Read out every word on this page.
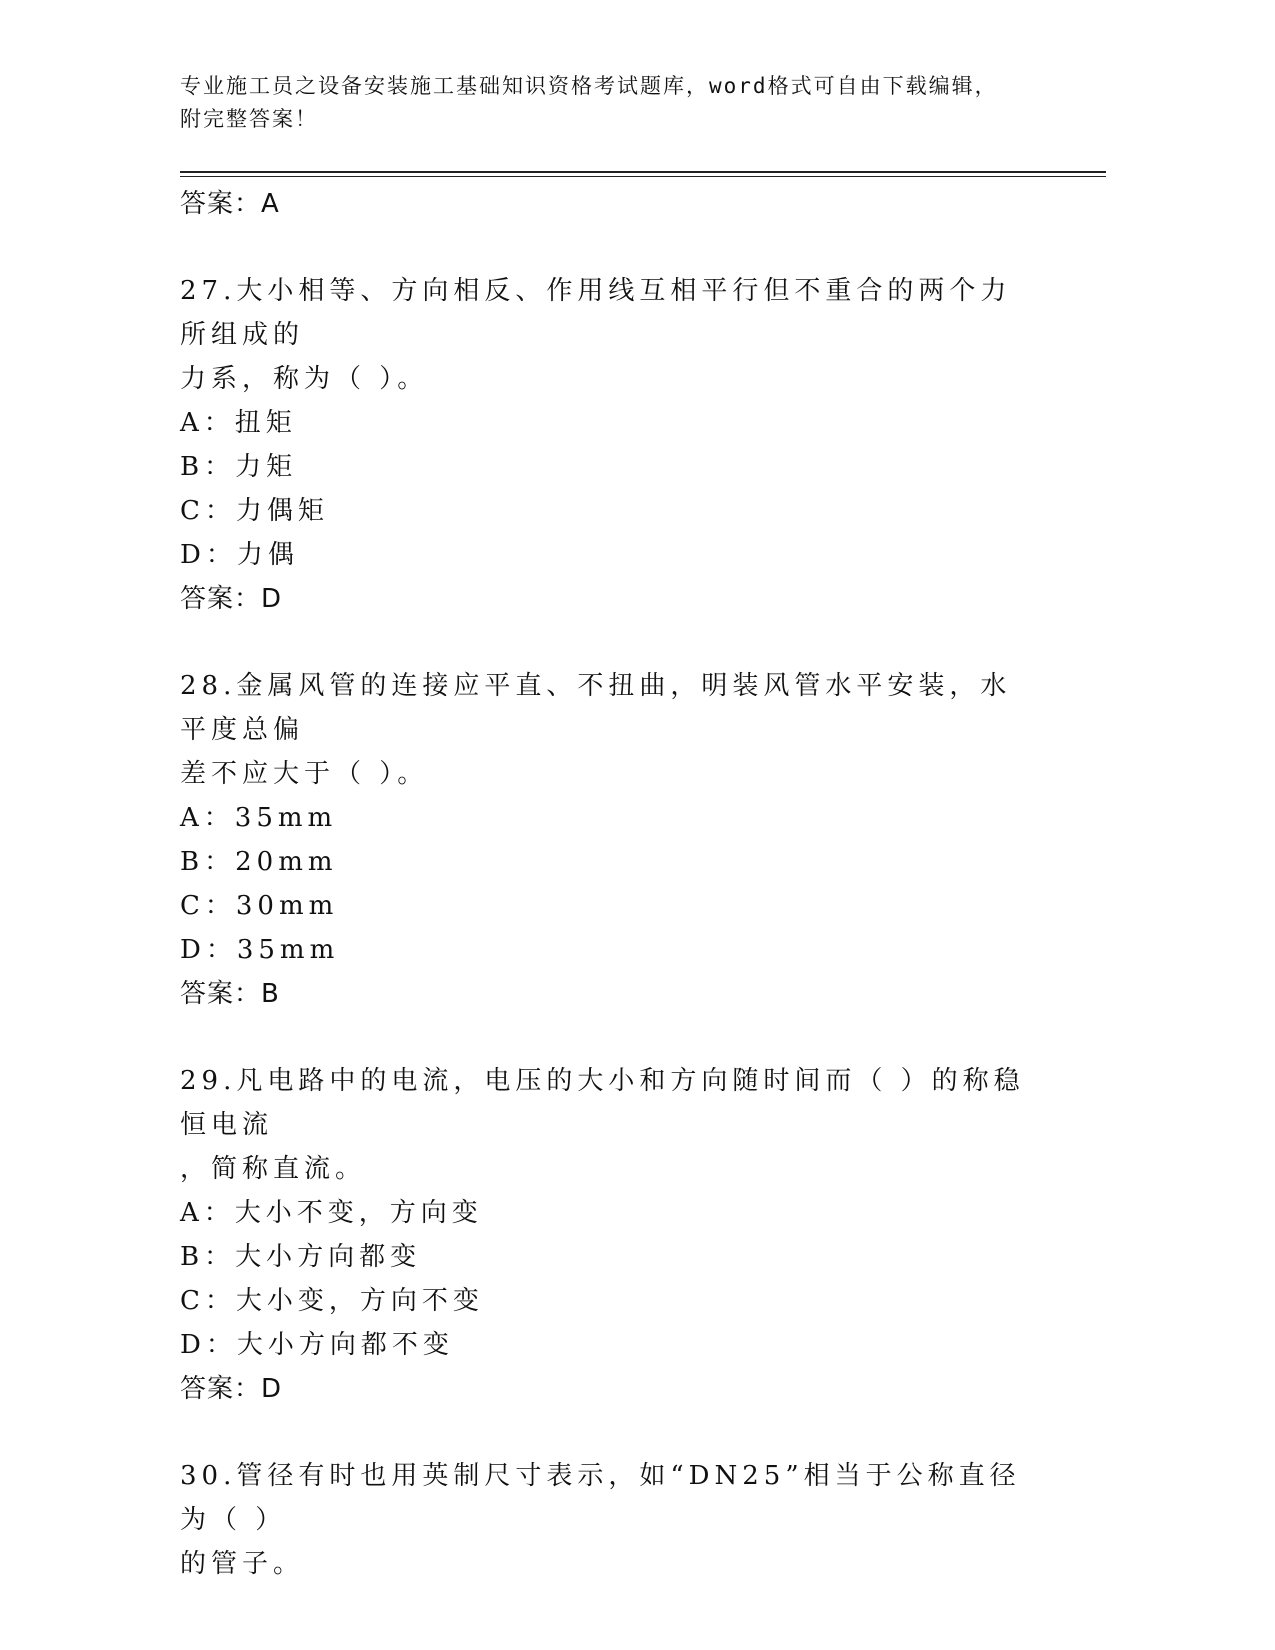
专业施工员之设备安装施工基础知识资格考试题库，word格式可自由下载编辑，
附完整答案！
答案：A
27.大小相等、方向相反、作用线互相平行但不重合的两个力所组成的
力系，称为（ ）。
A：扭矩
B：力矩
C：力偶矩
D：力偶
答案：D
28.金属风管的连接应平直、不扭曲，明装风管水平安装，水平度总偏
差不应大于（ ）。
A：35mm
B：20mm
C：30mm
D：35mm
答案：B
29.凡电路中的电流，电压的大小和方向随时间而（ ）的称稳恒电流
，简称直流。
A：大小不变，方向变
B：大小方向都变
C：大小变，方向不变
D：大小方向都不变
答案：D
30.管径有时也用英制尺寸表示，如“DN25”相当于公称直径为（ ）
的管子。
